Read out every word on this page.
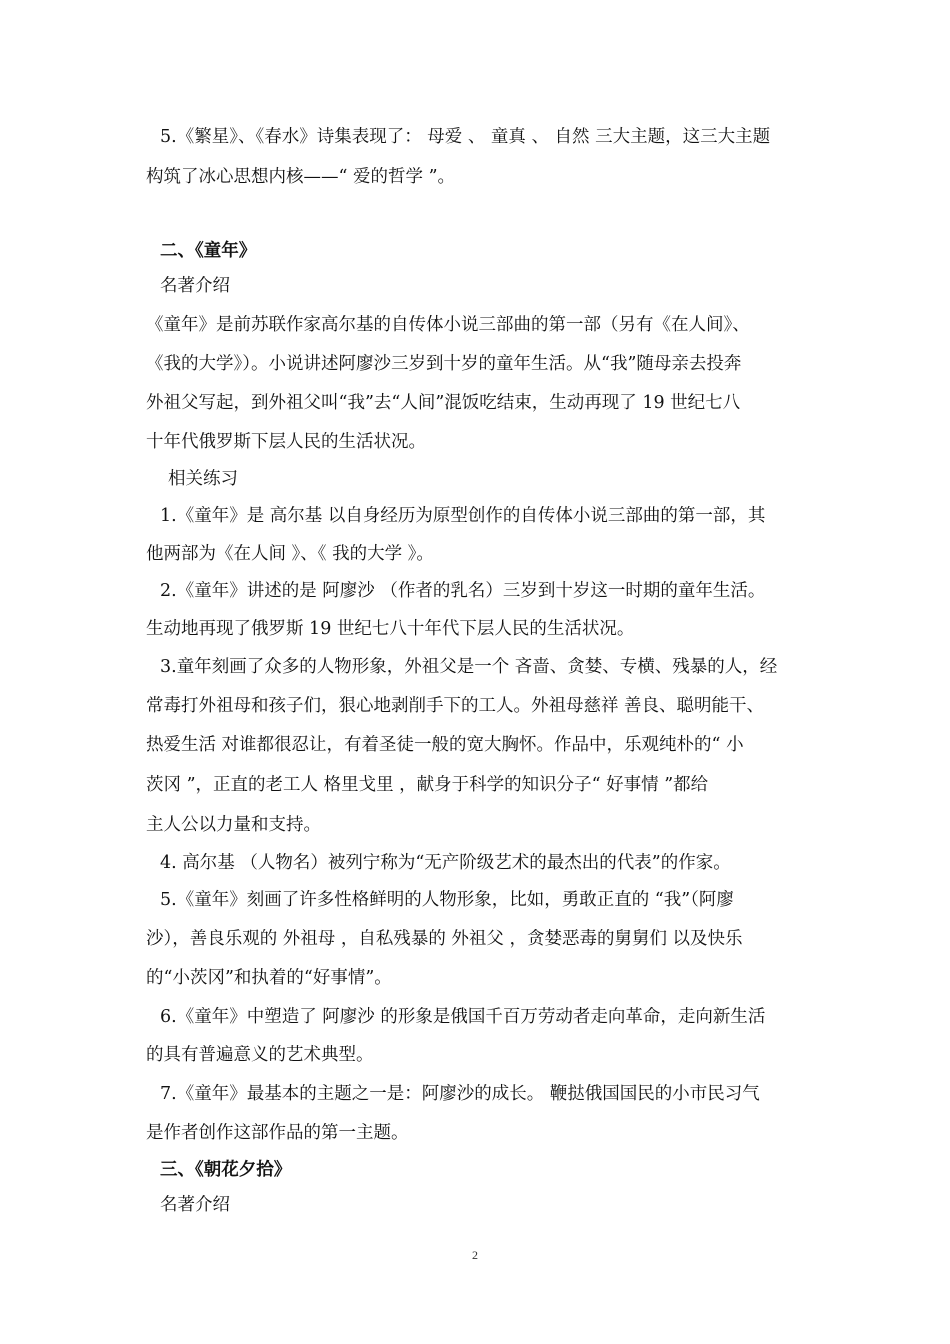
5.《繁星》、《春水》诗集表现了： 母爱 、 童真 、 自然 三大主题，这三大主题
构筑了冰心思想内核——“ 爱的哲学 ”。
二、《童年》
名著介绍
《童年》是前苏联作家高尔基的自传体小说三部曲的第一部（另有《在人间》、
《我的大学》）。小说讲述阿廖沙三岁到十岁的童年生活。从“我”随母亲去投奔
外祖父写起，到外祖父叫“我”去“人间”混饭吃结束，生动再现了 19 世纪七八
十年代俄罗斯下层人民的生活状况。
相关练习
1.《童年》是 高尔基 以自身经历为原型创作的自传体小说三部曲的第一部，其
他两部为《在人间 》、《 我的大学 》。
2.《童年》讲述的是 阿廖沙 （作者的乳名）三岁到十岁这一时期的童年生活。
生动地再现了俄罗斯 19 世纪七八十年代下层人民的生活状况。
3.童年刻画了众多的人物形象，外祖父是一个 吝啬、贪婪、专横、残暴的人，经
常毒打外祖母和孩子们，狠心地剥削手下的工人。外祖母慈祥 善良、聪明能干、
热爱生活 对谁都很忍让，有着圣徒一般的宽大胸怀。作品中，乐观纯朴的“ 小
茨冈 ”，正直的老工人 格里戈里 ，献身于科学的知识分子“ 好事情 ”都给
主人公以力量和支持。
4. 高尔基 （人物名）被列宁称为“无产阶级艺术的最杰出的代表”的作家。
5.《童年》刻画了许多性格鲜明的人物形象，比如，勇敢正直的 “我”（阿廖
沙），善良乐观的 外祖母 ，自私残暴的 外祖父 ，贪婪恶毒的舅舅们 以及快乐
的“小茨冈”和执着的“好事情”。
6.《童年》中塑造了 阿廖沙 的形象是俄国千百万劳动者走向革命，走向新生活
的具有普遍意义的艺术典型。
7.《童年》最基本的主题之一是：阿廖沙的成长。 鞭挞俄国国民的小市民习气
是作者创作这部作品的第一主题。
三、《朝花夕拾》
名著介绍
2
